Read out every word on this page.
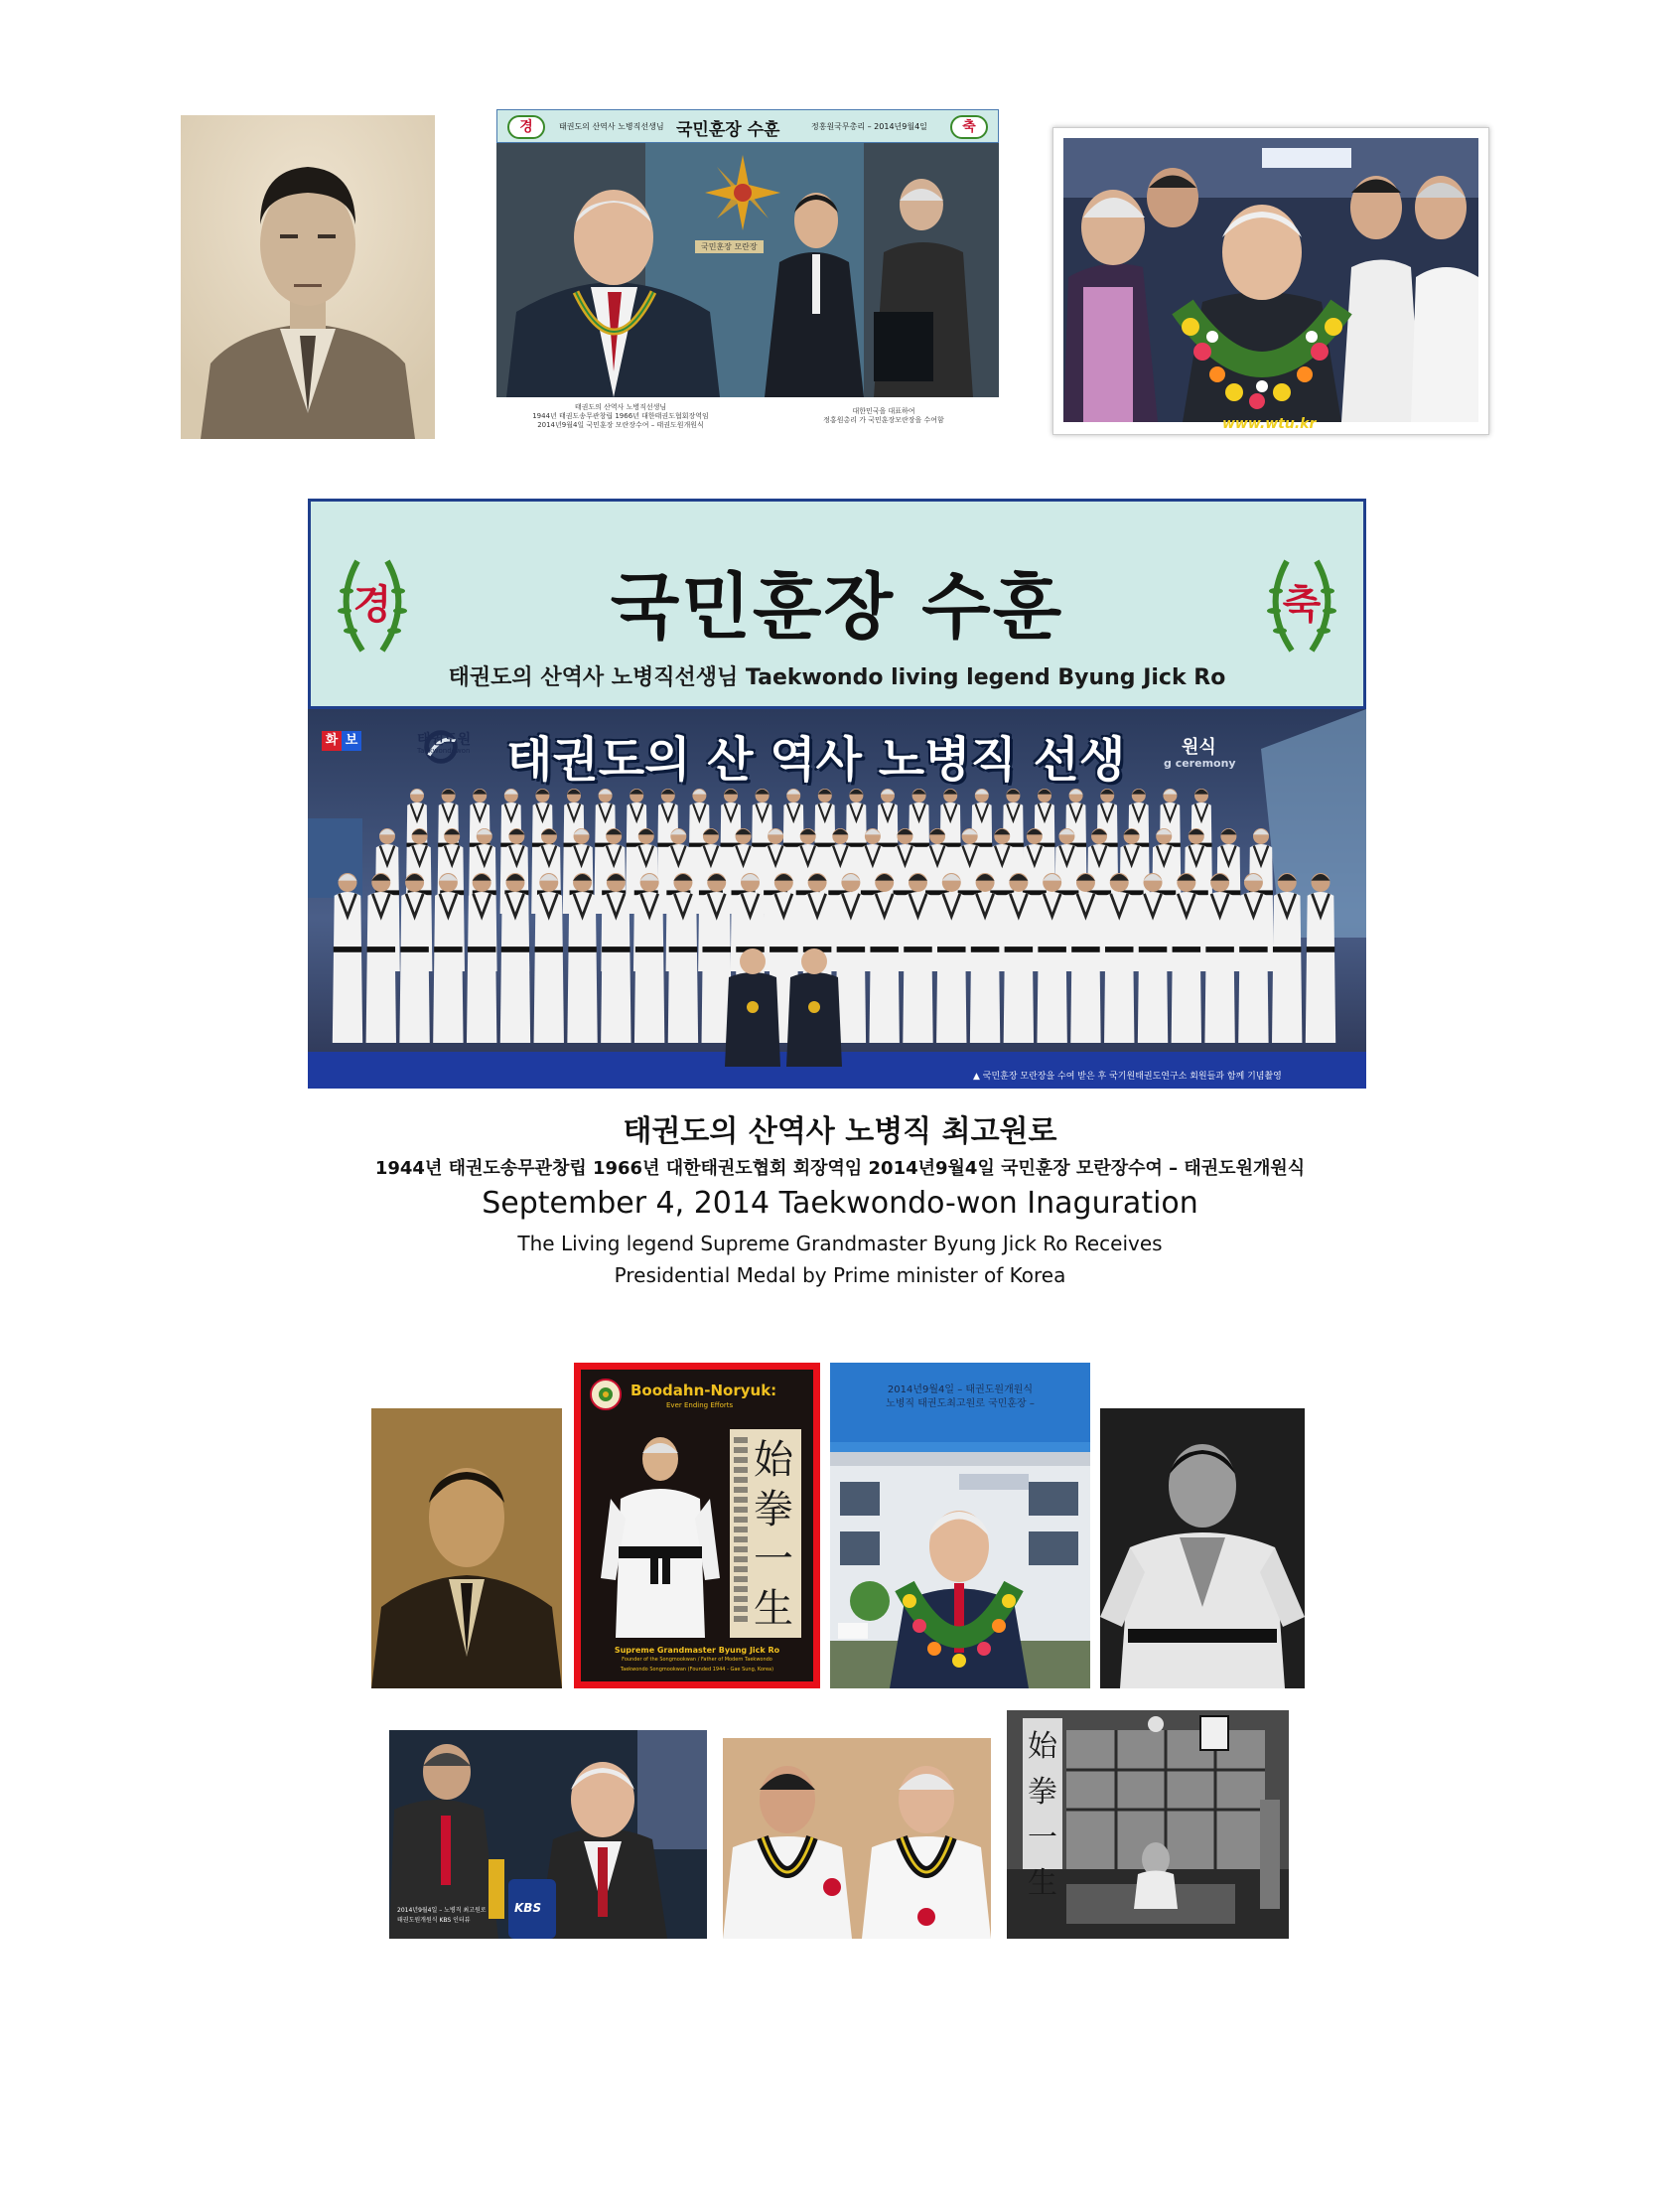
경	태권도의 산역사 노병직선생님 국민훈장 수훈	정홍원국무총리 – 2014년9월4일	축
국민훈장 모란장
태권도의 산역사 노병직선생님
1944년 태권도송무관창립 1966년 대한태권도협회장역임
2014년9월4일 국민훈장 모란장수여 – 태권도원개원식
대한민국을 대표하여
정홍원총리 가 국민훈장모란장을 수여함	www.wtu.kr
경	국민훈장 수훈
태권도의 산역사 노병직선생님 Taekwondo living legend Byung Jick Ro
축
화 보	태권도원
Taekwondowon 태권도의 산 역사 노병직 선생	원식
g ceremony
▲ 국민훈장 모란장을 수여 받은 후 국기원태권도연구소 회원들과 함께 기념촬영
태권도의 산역사 노병직 최고원로
1944년 태권도송무관창립 1966년 대한태권도협회 회장역임 2014년9월4일 국민훈장 모란장수여 – 태권도원개원식
September 4, 2014 Taekwondo-won Inaguration
The Living legend Supreme Grandmaster Byung Jick Ro Receives
Presidential Medal by Prime minister of Korea
Boodahn-Noryuk:
Ever Ending Efforts
始拳一生
Supreme Grandmaster Byung Jick Ro
Founder of the Songmookwan / Father of Modern Taekwondo
Taekwondo Songmookwan (Founded 1944 - Gae Sung, Korea)
2014년9월4일 – 태권도원개원식
노병직 태권도최고원로 국민훈장 –
KBS
2014년9월4일 – 노병직 최고원로
태권도원개원식 KBS 인터뷰
始拳一生
